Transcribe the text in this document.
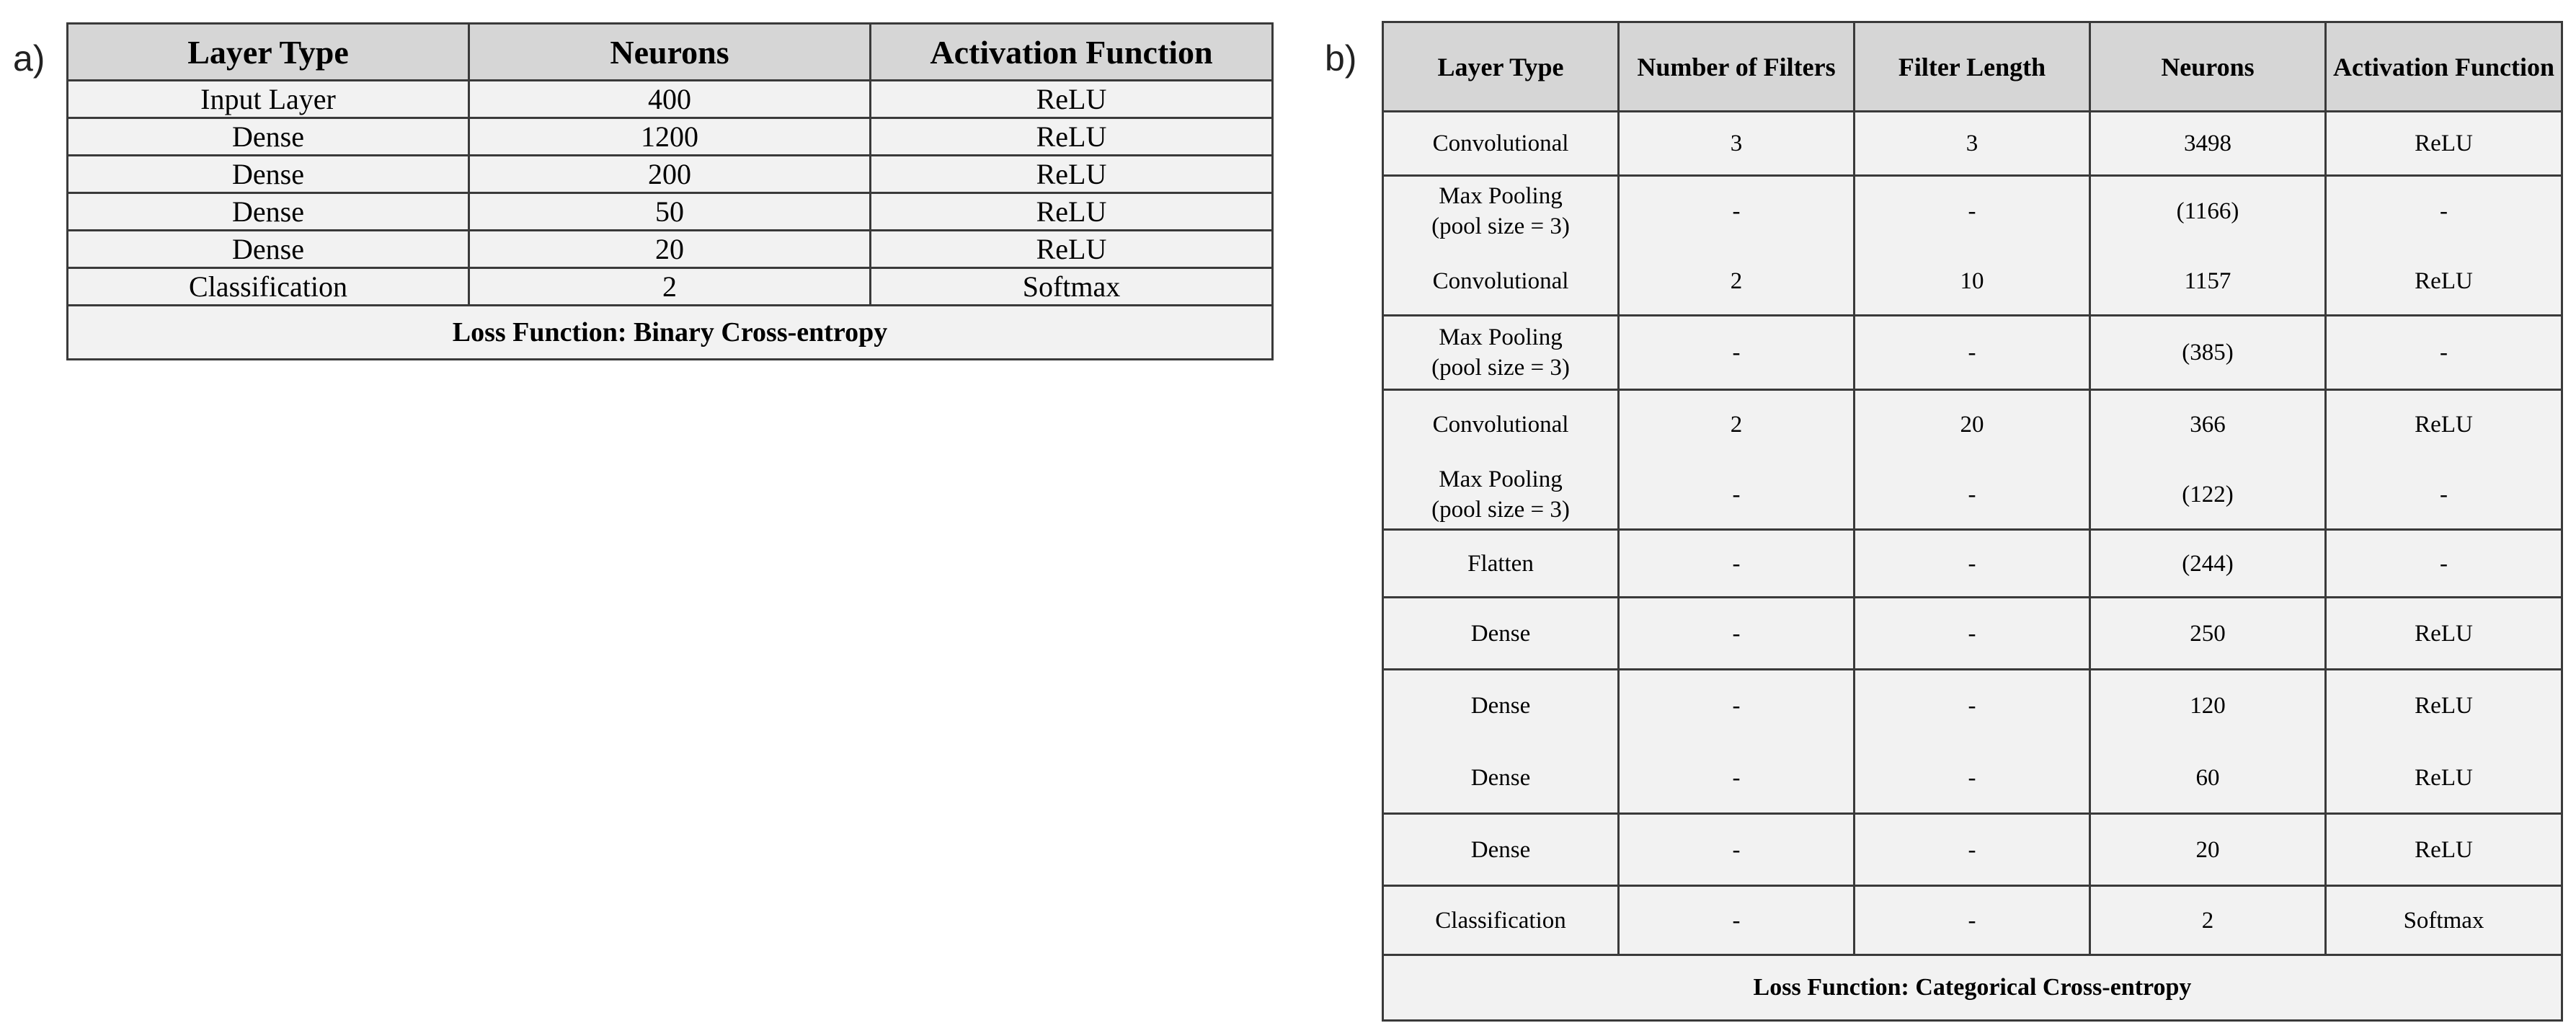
a)	b)
Layer Type	Neurons	Activation Function
Input Layer	400	ReLU
Dense	1200	ReLU
Dense	200	ReLU
Dense	50	ReLU
Dense	20	ReLU
Classification	2	Softmax
Loss Function: Binary Cross-entropy		
Layer Type	Number of Filters	Filter Length	Neurons	Activation Function
Convolutional	3	3	3498	ReLU
Max Pooling
(pool size = 3)	-	-	(1166)	-
Convolutional	2	10	1157	ReLU
Max Pooling
(pool size = 3)	-	-	(385)	-
Convolutional	2	20	366	ReLU
Max Pooling
(pool size = 3)	-	-	(122)	-
Flatten	-	-	(244)	-
Dense	-	-	250	ReLU
Dense	-	-	120	ReLU
Dense	-	-	60	ReLU
Dense	-	-	20	ReLU
Classification	-	-	2	Softmax
Loss Function: Categorical Cross-entropy				
